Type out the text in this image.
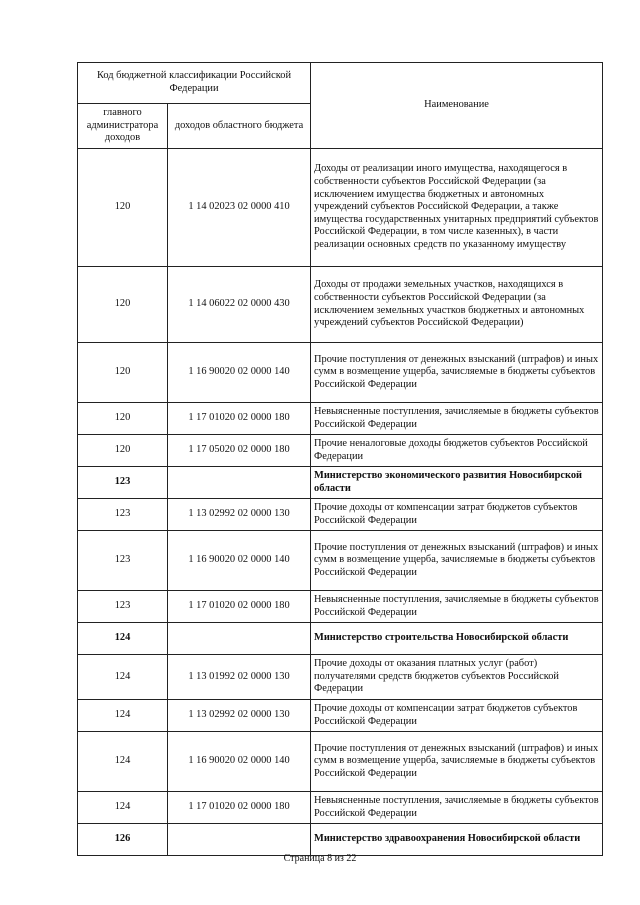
Код бюджетной классификации Российской Федерации		Наименование
главного администратора доходов	доходов областного бюджета	
120	1 14 02023 02 0000 410	Доходы от реализации иного имущества, находящегося в собственности субъектов Российской Федерации (за исключением имущества бюджетных и автономных учреждений субъектов Российской Федерации, а также имущества государственных унитарных предприятий субъектов Российской Федерации, в том числе казенных), в части реализации основных средств по указанному имуществу
120	1 14 06022 02 0000 430	Доходы от продажи земельных участков, находящихся в собственности субъектов Российской Федерации (за исключением земельных участков бюджетных и автономных учреждений субъектов Российской Федерации)
120	1 16 90020 02 0000 140	Прочие поступления от денежных взысканий (штрафов) и иных сумм в возмещение ущерба, зачисляемые в бюджеты субъектов Российской Федерации
120	1 17 01020 02 0000 180	Невыясненные поступления, зачисляемые в бюджеты субъектов Российской Федерации
120	1 17 05020 02 0000 180	Прочие неналоговые доходы бюджетов субъектов Российской Федерации
123		Министерство экономического развития Новосибирской области
123	1 13 02992 02 0000 130	Прочие доходы от компенсации затрат бюджетов субъектов Российской Федерации
123	1 16 90020 02 0000 140	Прочие поступления от денежных взысканий (штрафов) и иных сумм в возмещение ущерба, зачисляемые в бюджеты субъектов Российской Федерации
123	1 17 01020 02 0000 180	Невыясненные поступления, зачисляемые в бюджеты субъектов Российской Федерации
124		Министерство строительства Новосибирской области
124	1 13 01992 02 0000 130	Прочие доходы от оказания платных услуг (работ) получателями средств бюджетов субъектов Российской Федерации
124	1 13 02992 02 0000 130	Прочие доходы от компенсации затрат бюджетов субъектов Российской Федерации
124	1 16 90020 02 0000 140	Прочие поступления от денежных взысканий (штрафов) и иных сумм в возмещение ущерба, зачисляемые в бюджеты субъектов Российской Федерации
124	1 17 01020 02 0000 180	Невыясненные поступления, зачисляемые в бюджеты субъектов Российской Федерации
126		Министерство здравоохранения Новосибирской области
Страница 8 из 22
